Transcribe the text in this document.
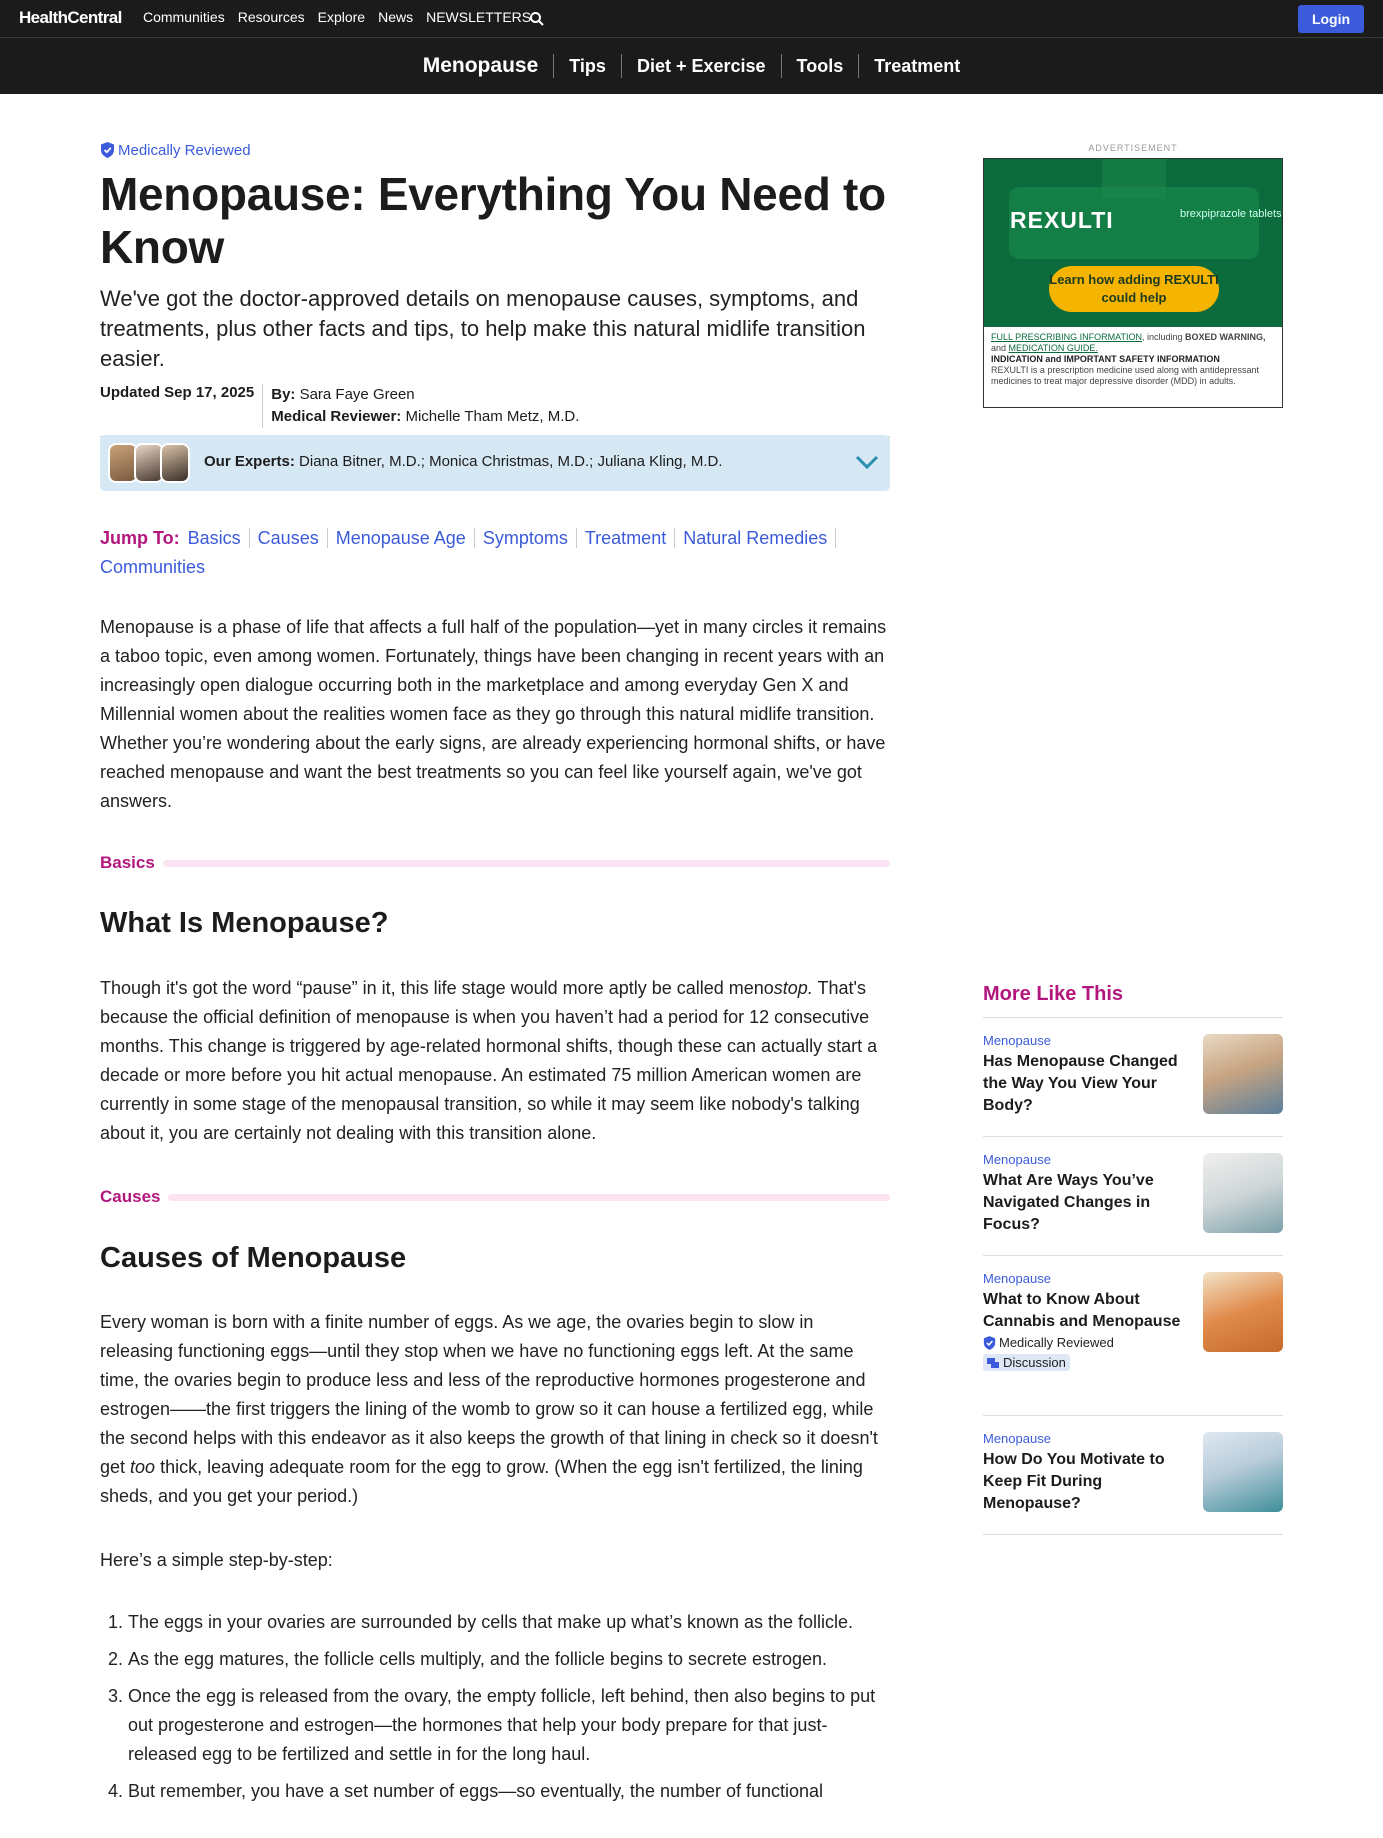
HealthCentral Communities Resources Explore News NEWSLETTERS	Login
Menopause	Tips	Diet + Exercise	Tools	Treatment
Medically Reviewed
Menopause: Everything You Need to Know

We've got the doctor-approved details on menopause causes, symptoms, and treatments, plus other facts and tips, to help make this natural midlife transition easier.

Updated Sep 17, 2025	By: Sara Faye Green
Medical Reviewer: Michelle Tham Metz, M.D.
Our Experts: Diana Bitner, M.D.; Monica Christmas, M.D.; Juliana Kling, M.D.
Jump To: Basics Causes Menopause Age Symptoms Treatment Natural Remedies
Communities

Menopause is a phase of life that affects a full half of the population—yet in many circles it remains a taboo topic, even among women. Fortunately, things have been changing in recent years with an increasingly open dialogue occurring both in the marketplace and among everyday Gen X and Millennial women about the realities women face as they go through this natural midlife transition. Whether you’re wondering about the early signs, are already experiencing hormonal shifts, or have reached menopause and want the best treatments so you can feel like yourself again, we've got answers.

Basics
What Is Menopause?

Though it's got the word “pause” in it, this life stage would more aptly be called menostop. That's because the official definition of menopause is when you haven’t had a period for 12 consecutive months. This change is triggered by age-related hormonal shifts, though these can actually start a decade or more before you hit actual menopause. An estimated 75 million American women are currently in some stage of the menopausal transition, so while it may seem like nobody's talking about it, you are certainly not dealing with this transition alone.

Causes
Causes of Menopause

Every woman is born with a finite number of eggs. As we age, the ovaries begin to slow in releasing functioning eggs—until they stop when we have no functioning eggs left. At the same time, the ovaries begin to produce less and less of the reproductive hormones progesterone and estrogen——the first triggers the lining of the womb to grow so it can house a fertilized egg, while the second helps with this endeavor as it also keeps the growth of that lining in check so it doesn't get too thick, leaving adequate room for the egg to grow. (When the egg isn't fertilized, the lining sheds, and you get your period.)

Here’s a simple step-by-step:

1. The eggs in your ovaries are surrounded by cells that make up what’s known as the follicle.
2. As the egg matures, the follicle cells multiply, and the follicle begins to secrete estrogen.
3. Once the egg is released from the ovary, the empty follicle, left behind, then also begins to put out progesterone and estrogen—the hormones that help your body prepare for that just-released egg to be fertilized and settle in for the long haul.
4. But remember, you have a set number of eggs—so eventually, the number of functional
ADVERTISEMENT
REXULTI	brexpiprazole tablets
Learn how adding REXULTI could help
FULL PRESCRIBING INFORMATION, including BOXED WARNING,
and MEDICATION GUIDE.
INDICATION and IMPORTANT SAFETY INFORMATION
REXULTI is a prescription medicine used along with antidepressant medicines to treat major depressive disorder (MDD) in adults.
More Like This
Menopause
Has Menopause Changed the Way You View Your Body?
Menopause
What Are Ways You’ve Navigated Changes in Focus?
Menopause
What to Know About Cannabis and Menopause
Medically Reviewed
Discussion
Menopause
How Do You Motivate to Keep Fit During Menopause?
